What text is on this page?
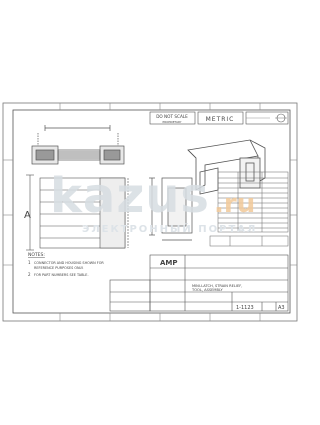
DO NOT SCALE
PROPRIETARY	METRIC
A
NOTES:
1 CONNECTOR AND HOUSING SHOWN FOR
REFERENCE PURPOSES ONLY.
2 FOR PART NUMBERS SEE TABLE.
AMP
MINI-LATCH, STRAIN RELIEF,
TOOL, ASSEMBLY
1-1123	A3
kazus .ru
ЭЛЕКТРОННЫЙ ПОРТАЛ
